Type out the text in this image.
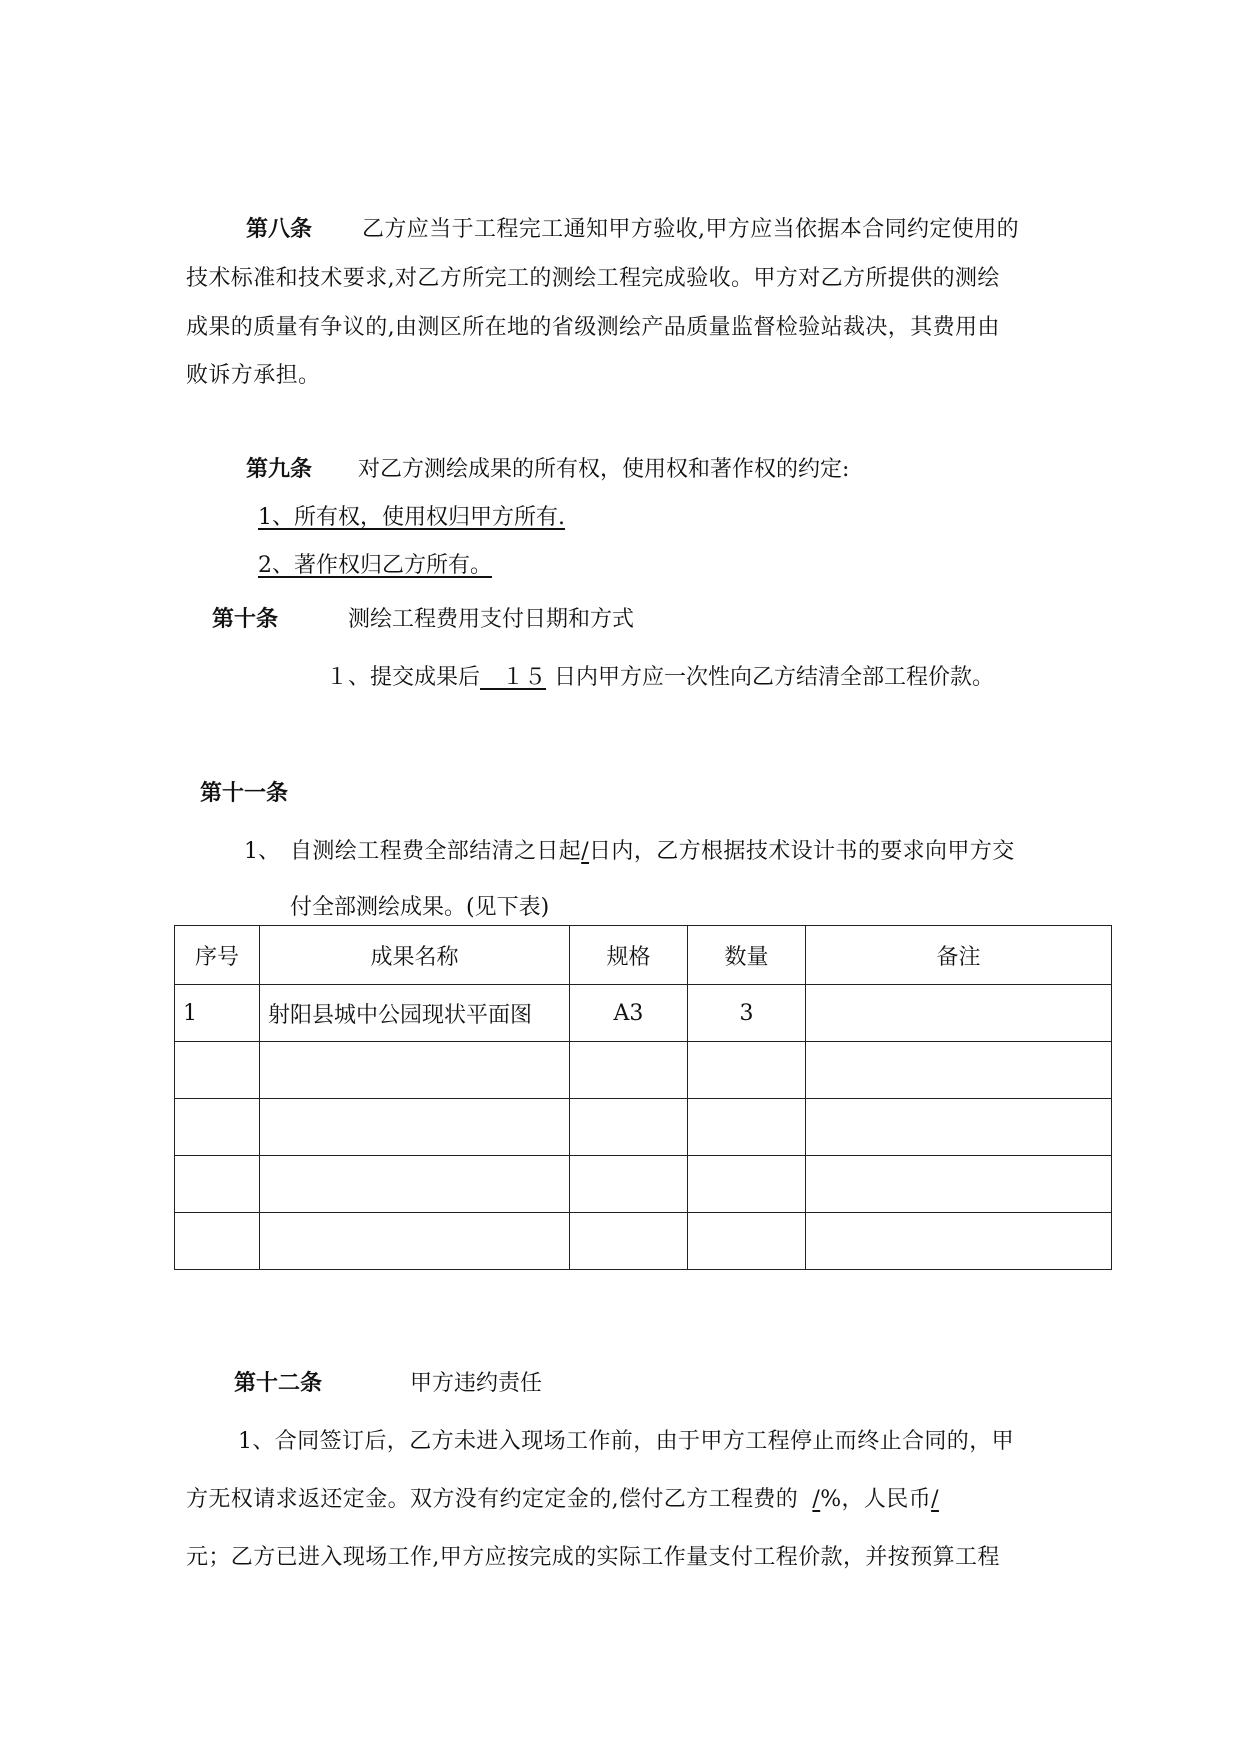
第八条 乙方应当于工程完工通知甲方验收,甲方应当依据本合同约定使用的
技术标准和技术要求,对乙方所完工的测绘工程完成验收。甲方对乙方所提供的测绘
成果的质量有争议的,由测区所在地的省级测绘产品质量监督检验站裁决，其费用由
败诉方承担。
第九条 对乙方测绘成果的所有权，使用权和著作权的约定:
1、所有权，使用权归甲方所有.
2、著作权归乙方所有。
第十条	测绘工程费用支付日期和方式
１、提交成果后　１５ 日内甲方应一次性向乙方结清全部工程价款。
第十一条
1、 自测绘工程费全部结清之日起/日内，乙方根据技术设计书的要求向甲方交
付全部测绘成果。(见下表)
序号	成果名称	规格	数量	备注
1	射阳县城中公园现状平面图	A3	3	

第十二条	甲方违约责任
1、合同签订后，乙方未进入现场工作前，由于甲方工程停止而终止合同的，甲
方无权请求返还定金。双方没有约定定金的,偿付乙方工程费的 /%，人民币/
元；乙方已进入现场工作,甲方应按完成的实际工作量支付工程价款，并按预算工程
